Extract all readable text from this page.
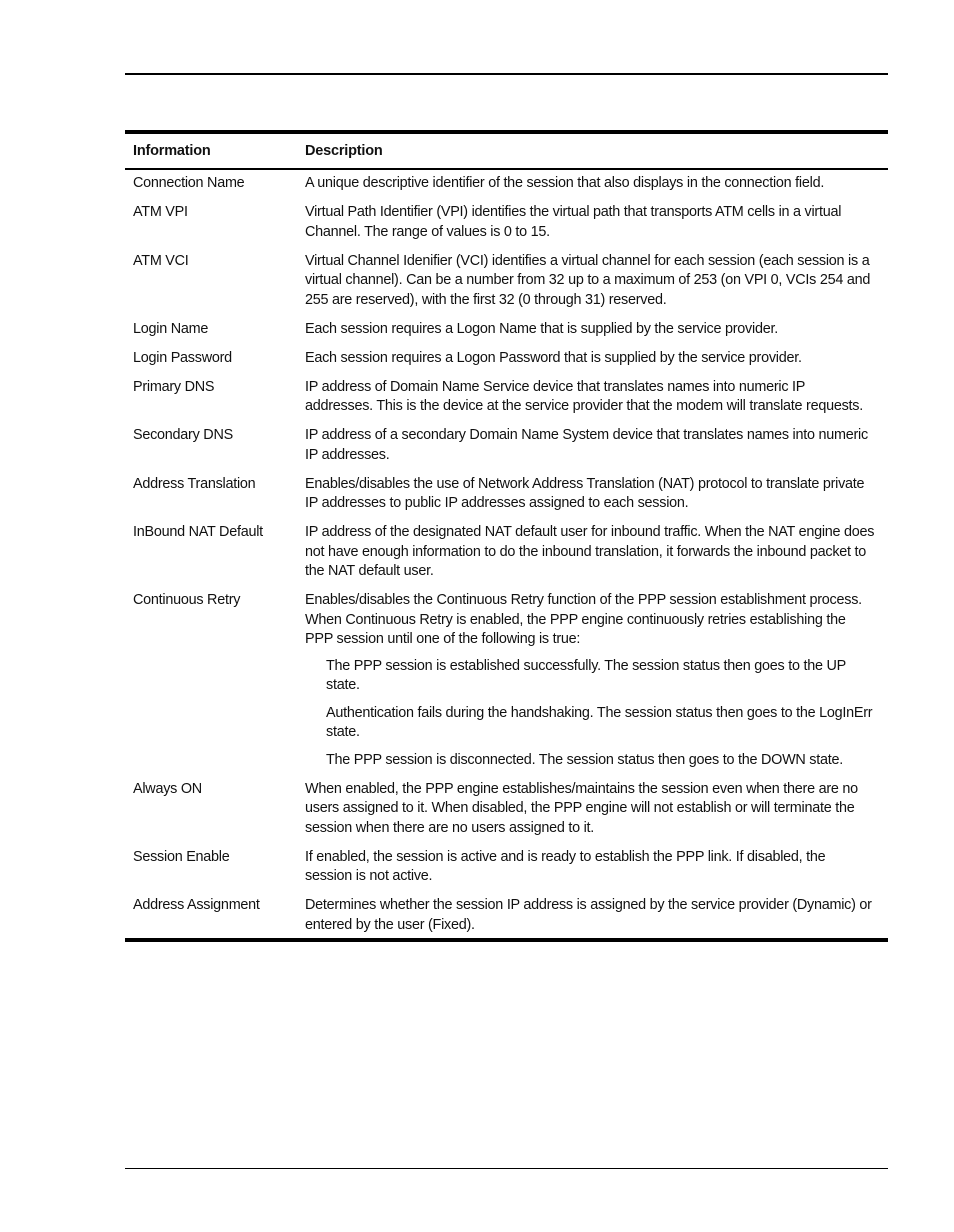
Information	Description
Connection Name	A unique descriptive identifier of the session that also displays in the connection field.
ATM VPI	Virtual Path Identifier (VPI) identifies the virtual path that transports ATM cells in a virtual Channel. The range of values is 0 to 15.
ATM VCI	Virtual Channel Idenifier (VCI) identifies a virtual channel for each session (each session is a virtual channel). Can be a number from 32 up to a maximum of 253 (on VPI 0, VCIs 254 and 255 are reserved), with the first 32 (0 through 31) reserved.
Login Name	Each session requires a Logon Name that is supplied by the service provider.
Login Password	Each session requires a Logon Password that is supplied by the service provider.
Primary DNS	IP address of Domain Name Service device that translates names into numeric IP addresses. This is the device at the service provider that the modem will translate requests.
Secondary DNS	IP address of a secondary Domain Name System device that translates names into numeric IP addresses.
Address Translation	Enables/disables the use of Network Address Translation (NAT) protocol to translate private IP addresses to public IP addresses assigned to each session.
InBound NAT Default	IP address of the designated NAT default user for inbound traffic. When the NAT engine does not have enough information to do the inbound translation, it forwards the inbound packet to the NAT default user.
Continuous Retry	Enables/disables the Continuous Retry function of the PPP session establishment process. When Continuous Retry is enabled, the PPP engine continuously retries establishing the PPP session until one of the following is true:
The PPP session is established successfully. The session status then goes to the UP state.
Authentication fails during the handshaking. The session status then goes to the LogInErr state.
The PPP session is disconnected. The session status then goes to the DOWN state.
Always ON	When enabled, the PPP engine establishes/maintains the session even when there are no users assigned to it. When disabled, the PPP engine will not establish or will terminate the session when there are no users assigned to it.
Session Enable	If enabled, the session is active and is ready to establish the PPP link. If disabled, the session is not active.
Address Assignment	Determines whether the session IP address is assigned by the service provider (Dynamic) or entered by the user (Fixed).
